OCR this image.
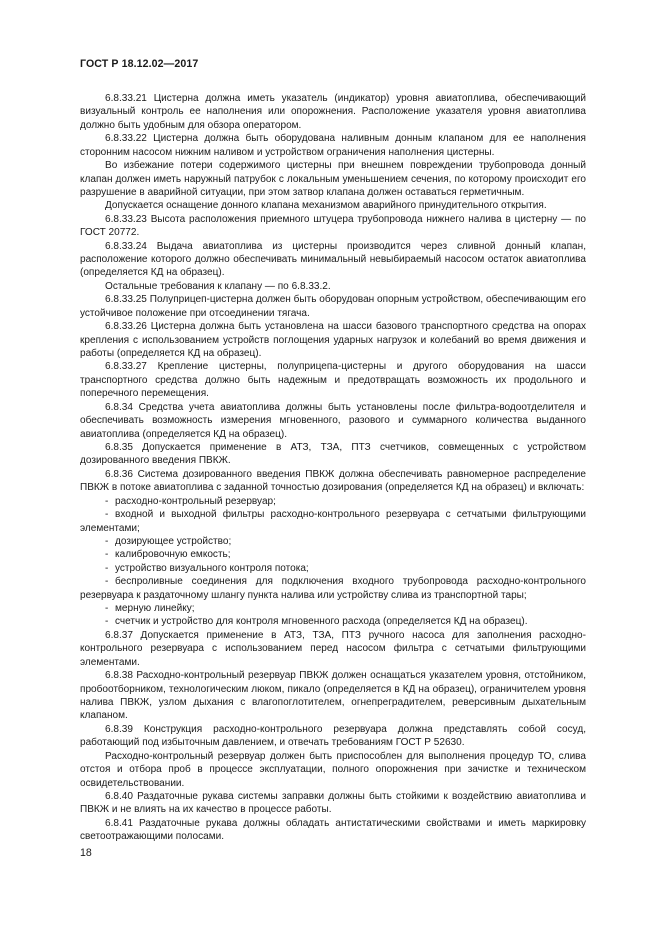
ГОСТ Р 18.12.02—2017

6.8.33.21 Цистерна должна иметь указатель (индикатор) уровня авиатоплива, обеспечивающий визуальный контроль ее наполнения или опорожнения. Расположение указателя уровня авиатоплива должно быть удобным для обзора оператором.

6.8.33.22 Цистерна должна быть оборудована наливным донным клапаном для ее наполнения сторонним насосом нижним наливом и устройством ограничения наполнения цистерны.

Во избежание потери содержимого цистерны при внешнем повреждении трубопровода донный клапан должен иметь наружный патрубок с локальным уменьшением сечения, по которому происходит его разрушение в аварийной ситуации, при этом затвор клапана должен оставаться герметичным.

Допускается оснащение донного клапана механизмом аварийного принудительного открытия.

6.8.33.23 Высота расположения приемного штуцера трубопровода нижнего налива в цистерну — по ГОСТ 20772.

6.8.33.24 Выдача авиатоплива из цистерны производится через сливной донный клапан, расположение которого должно обеспечивать минимальный невыбираемый насосом остаток авиатоплива (определяется КД на образец).

Остальные требования к клапану — по 6.8.33.2.

6.8.33.25 Полуприцеп-цистерна должен быть оборудован опорным устройством, обеспечивающим его устойчивое положение при отсоединении тягача.

6.8.33.26 Цистерна должна быть установлена на шасси базового транспортного средства на опорах крепления с использованием устройств поглощения ударных нагрузок и колебаний во время движения и работы (определяется КД на образец).

6.8.33.27 Крепление цистерны, полуприцепа-цистерны и другого оборудования на шасси транспортного средства должно быть надежным и предотвращать возможность их продольного и поперечного перемещения.

6.8.34 Средства учета авиатоплива должны быть установлены после фильтра-водоотделителя и обеспечивать возможность измерения мгновенного, разового и суммарного количества выданного авиатоплива (определяется КД на образец).

6.8.35 Допускается применение в АТЗ, ТЗА, ПТЗ счетчиков, совмещенных с устройством дозированного введения ПВКЖ.

6.8.36 Система дозированного введения ПВКЖ должна обеспечивать равномерное распределение ПВКЖ в потоке авиатоплива с заданной точностью дозирования (определяется КД на образец) и включать:

- расходно-контрольный резервуар;

- входной и выходной фильтры расходно-контрольного резервуара с сетчатыми фильтрующими элементами;

- дозирующее устройство;

- калибровочную емкость;

- устройство визуального контроля потока;

- беспроливные соединения для подключения входного трубопровода расходно-контрольного резервуара к раздаточному шлангу пункта налива или устройству слива из транспортной тары;

- мерную линейку;

- счетчик и устройство для контроля мгновенного расхода (определяется КД на образец).

6.8.37 Допускается применение в АТЗ, ТЗА, ПТЗ ручного насоса для заполнения расходно-контрольного резервуара с использованием перед насосом фильтра с сетчатыми фильтрующими элементами.

6.8.38 Расходно-контрольный резервуар ПВКЖ должен оснащаться указателем уровня, отстойником, пробоотборником, технологическим люком, пикало (определяется в КД на образец), ограничителем уровня налива ПВКЖ, узлом дыхания с влагопоглотителем, огнепреградителем, реверсивным дыхательным клапаном.

6.8.39 Конструкция расходно-контрольного резервуара должна представлять собой сосуд, работающий под избыточным давлением, и отвечать требованиям ГОСТ Р 52630.

Расходно-контрольный резервуар должен быть приспособлен для выполнения процедур ТО, слива отстоя и отбора проб в процессе эксплуатации, полного опорожнения при зачистке и техническом освидетельствовании.

6.8.40 Раздаточные рукава системы заправки должны быть стойкими к воздействию авиатоплива и ПВКЖ и не влиять на их качество в процессе работы.

6.8.41 Раздаточные рукава должны обладать антистатическими свойствами и иметь маркировку светоотражающими полосами.

18
